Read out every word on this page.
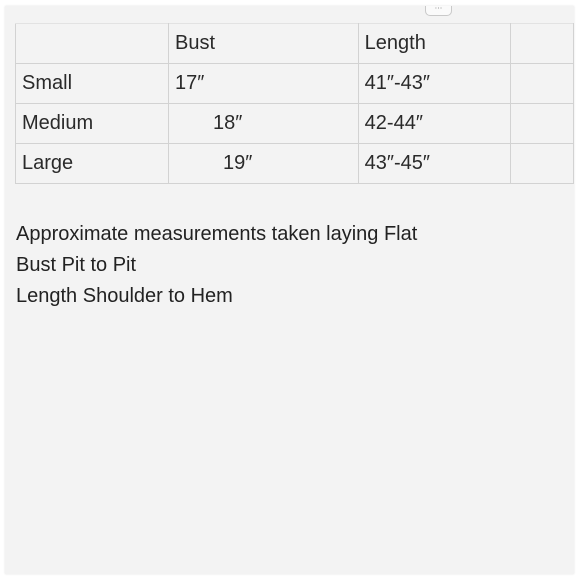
···
	Bust	Length	
Small	17″	41″-43″	
Medium	18″	42-44″	
Large	19″	43″-45″	
Approximate measurements taken laying Flat
Bust Pit to Pit
Length Shoulder to Hem
